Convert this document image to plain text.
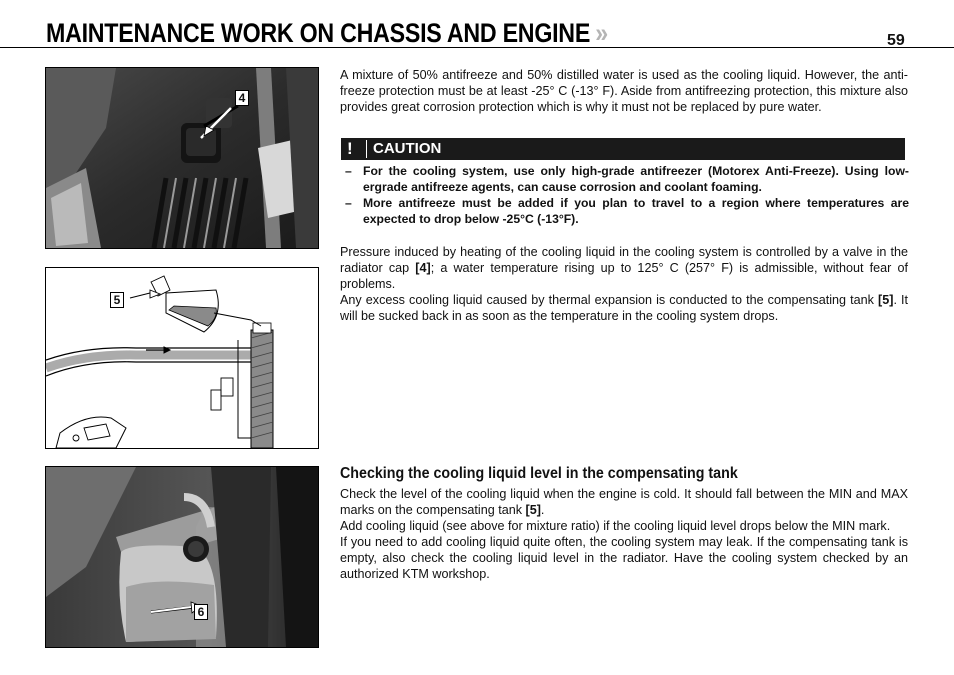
MAINTENANCE WORK ON CHASSIS AND ENGINE »	59
4
5
6

A mixture of 50% antifreeze and 50% distilled water is used as the cooling liquid. However, the anti-freeze protection must be at least -25° C (-13° F). Aside from antifreezing protection, this mixture also provides great corrosion protection which is why it must not be replaced by pure water.

!	CAUTION
– For the cooling system, use only high-grade antifreezer (Motorex Anti-Freeze). Using low-ergrade antifreeze agents, can cause corrosion and coolant foaming.
– More antifreeze must be added if you plan to travel to a region where temperatures are expected to drop below -25°C (-13°F).

Pressure induced by heating of the cooling liquid in the cooling system is controlled by a valve in the radiator cap [4]; a water temperature rising up to 125° C (257° F) is admissible, without fear of problems.

Any excess cooling liquid caused by thermal expansion is conducted to the compensating tank [5]. It will be sucked back in as soon as the temperature in the cooling system drops.

Checking the cooling liquid level in the compensating tank

Check the level of the cooling liquid when the engine is cold. It should fall between the MIN and MAX marks on the compensating tank [5].

Add cooling liquid (see above for mixture ratio) if the cooling liquid level drops below the MIN mark.

If you need to add cooling liquid quite often, the cooling system may leak. If the compensating tank is empty, also check the cooling liquid level in the radiator. Have the cooling system checked by an authorized KTM workshop.
